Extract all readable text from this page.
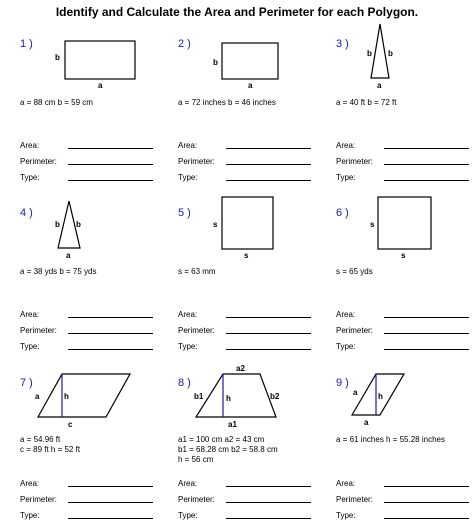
Identify and Calculate the Area and Perimeter for each Polygon.
1 )
b
a
a = 88 cm b = 59 cm
Area:
Perimeter:
Type:
2 )
b
a
a = 72 inches b = 46 inches
Area:
Perimeter:
Type:
3 )
b b
a
a = 40 ft b = 72 ft
Area:
Perimeter:
Type:
4 )
b b
a
a = 38 yds b = 75 yds
Area:
Perimeter:
Type:
5 )
s
s
s = 63 mm
Area:
Perimeter:
Type:
6 )
s
s
s = 65 yds
Area:
Perimeter:
Type:
7 )
a	h
c
a = 54.96 ft
c = 89 ft h = 52 ft
Area:
Perimeter:
Type:
8 )
a2
b1	h	b2
a1
a1 = 100 cm a2 = 43 cm
b1 = 68.28 cm b2 = 58.8 cm
h = 56 cm
Area:
Perimeter:
Type:
9 )
a	h
a
a = 61 inches h = 55.28 inches
Area:
Perimeter:
Type:
